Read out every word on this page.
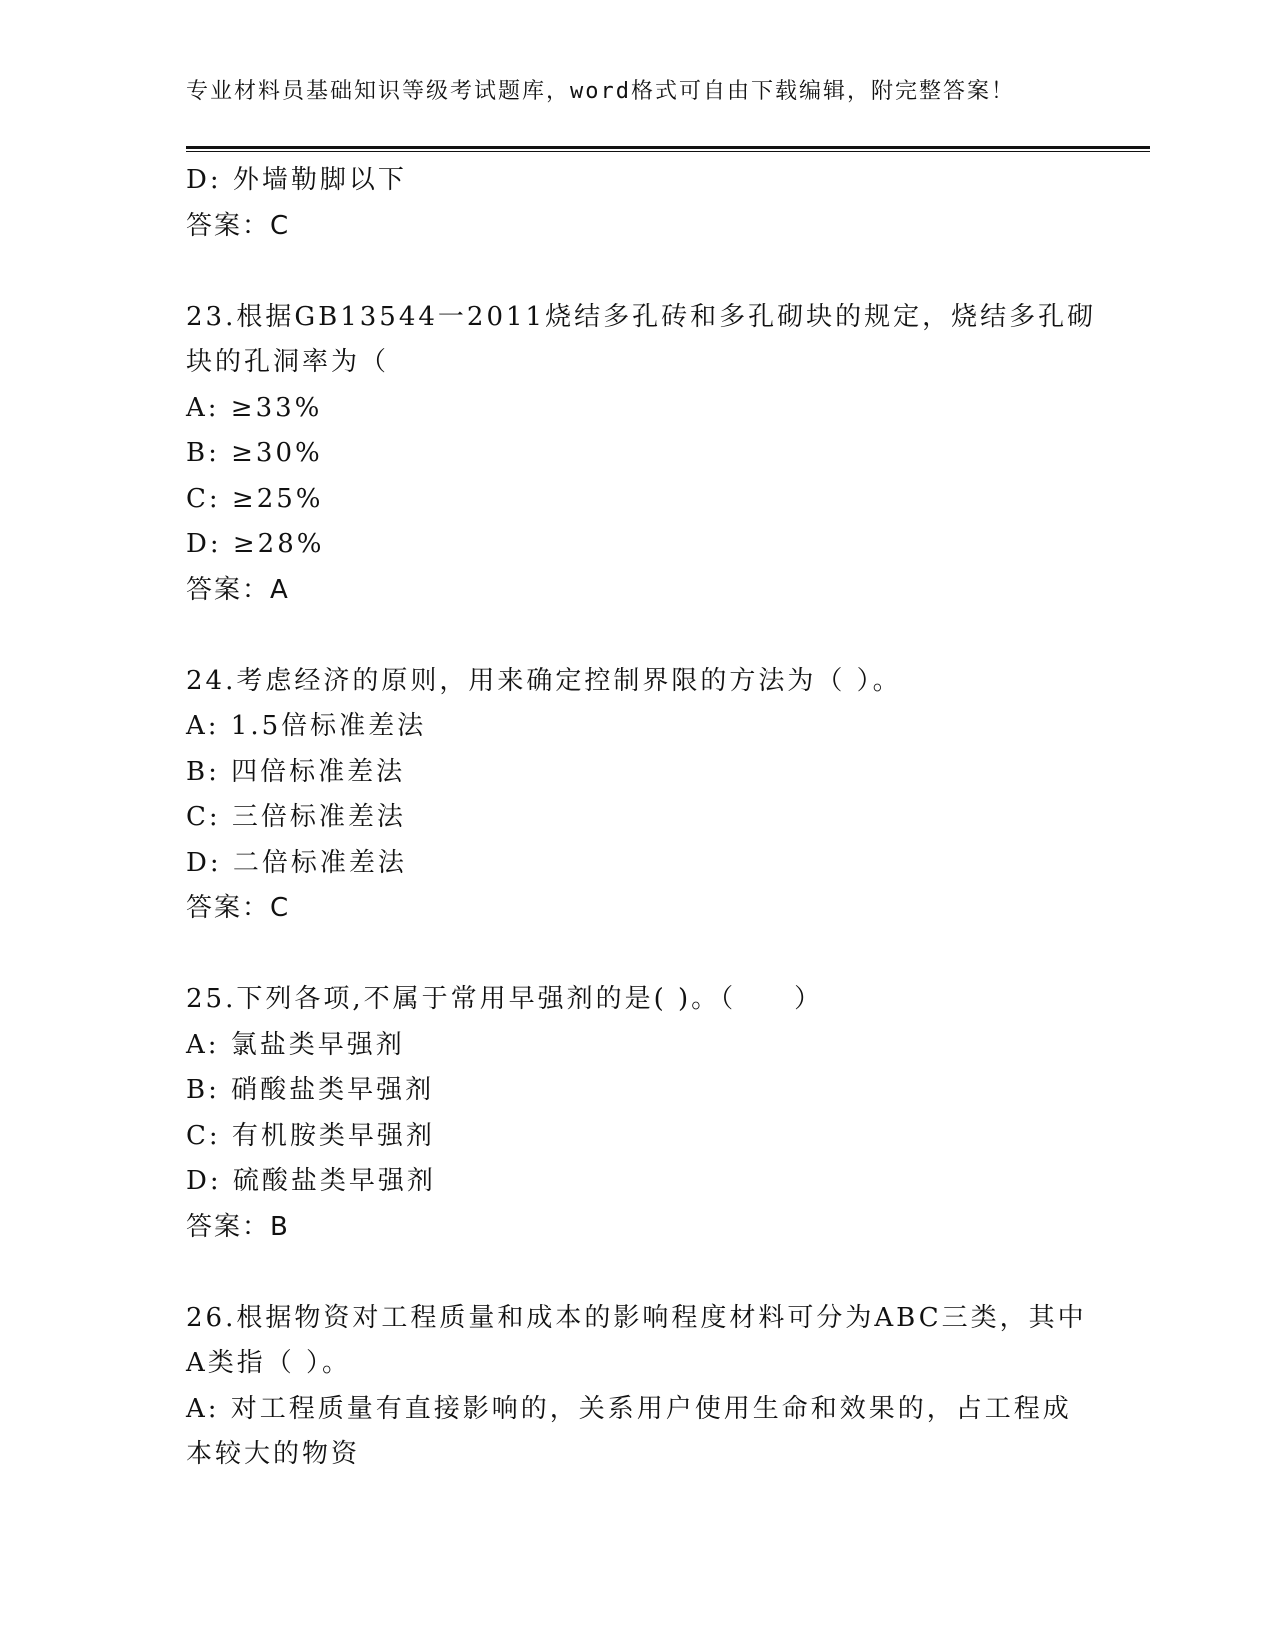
专业材料员基础知识等级考试题库，word格式可自由下载编辑，附完整答案！
D: 外墙勒脚以下
答案：C
23.根据GB13544一2011烧结多孔砖和多孔砌块的规定，烧结多孔砌
块的孔洞率为（
A: ≥33%
B: ≥30%
C: ≥25%
D: ≥28%
答案：A
24.考虑经济的原则，用来确定控制界限的方法为（ ）。
A: 1.5倍标准差法
B: 四倍标准差法
C: 三倍标准差法
D: 二倍标准差法
答案：C
25.下列各项,不属于常用早强剂的是( )。（　　）
A: 氯盐类早强剂
B: 硝酸盐类早强剂
C: 有机胺类早强剂
D: 硫酸盐类早强剂
答案：B
26.根据物资对工程质量和成本的影响程度材料可分为ABC三类，其中
A类指（ ）。
A: 对工程质量有直接影响的，关系用户使用生命和效果的，占工程成
本较大的物资
